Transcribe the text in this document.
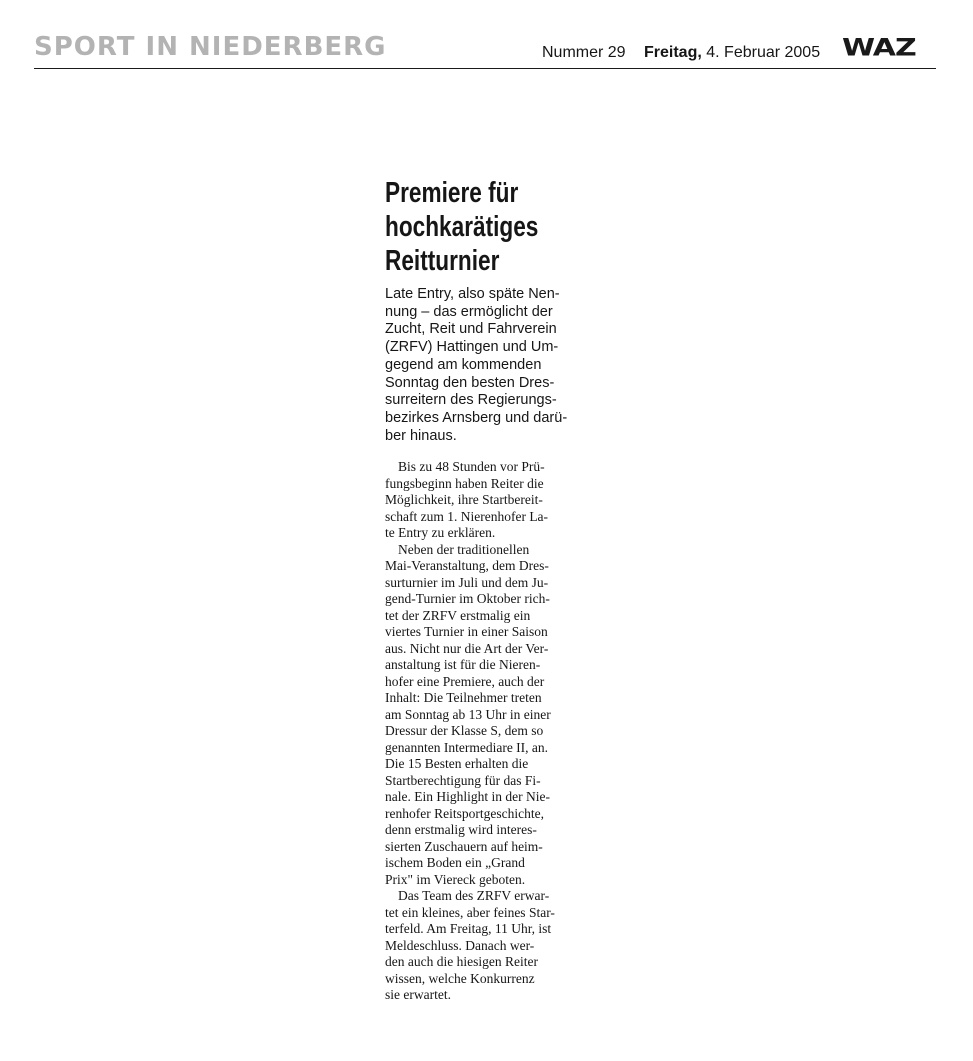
SPORT IN NIEDERBERG	Nummer 29 Freitag, 4. Februar 2005 WAZ
Premiere für
hochkarätiges
Reitturnier
Late Entry, also späte Nen-
nung – das ermöglicht der
Zucht, Reit und Fahrverein
(ZRFV) Hattingen und Um-
gegend am kommenden
Sonntag den besten Dres-
surreitern des Regierungs-
bezirkes Arnsberg und darü-
ber hinaus.
Bis zu 48 Stunden vor Prü-
fungsbeginn haben Reiter die
Möglichkeit, ihre Startbereit-
schaft zum 1. Nierenhofer La-
te Entry zu erklären.
Neben der traditionellen
Mai-Veranstaltung, dem Dres-
surturnier im Juli und dem Ju-
gend-Turnier im Oktober rich-
tet der ZRFV erstmalig ein
viertes Turnier in einer Saison
aus. Nicht nur die Art der Ver-
anstaltung ist für die Nieren-
hofer eine Premiere, auch der
Inhalt: Die Teilnehmer treten
am Sonntag ab 13 Uhr in einer
Dressur der Klasse S, dem so
genannten Intermediare II, an.
Die 15 Besten erhalten die
Startberechtigung für das Fi-
nale. Ein Highlight in der Nie-
renhofer Reitsportgeschichte,
denn erstmalig wird interes-
sierten Zuschauern auf heim-
ischem Boden ein „Grand
Prix" im Viereck geboten.
Das Team des ZRFV erwar-
tet ein kleines, aber feines Star-
terfeld. Am Freitag, 11 Uhr, ist
Meldeschluss. Danach wer-
den auch die hiesigen Reiter
wissen, welche Konkurrenz
sie erwartet.
